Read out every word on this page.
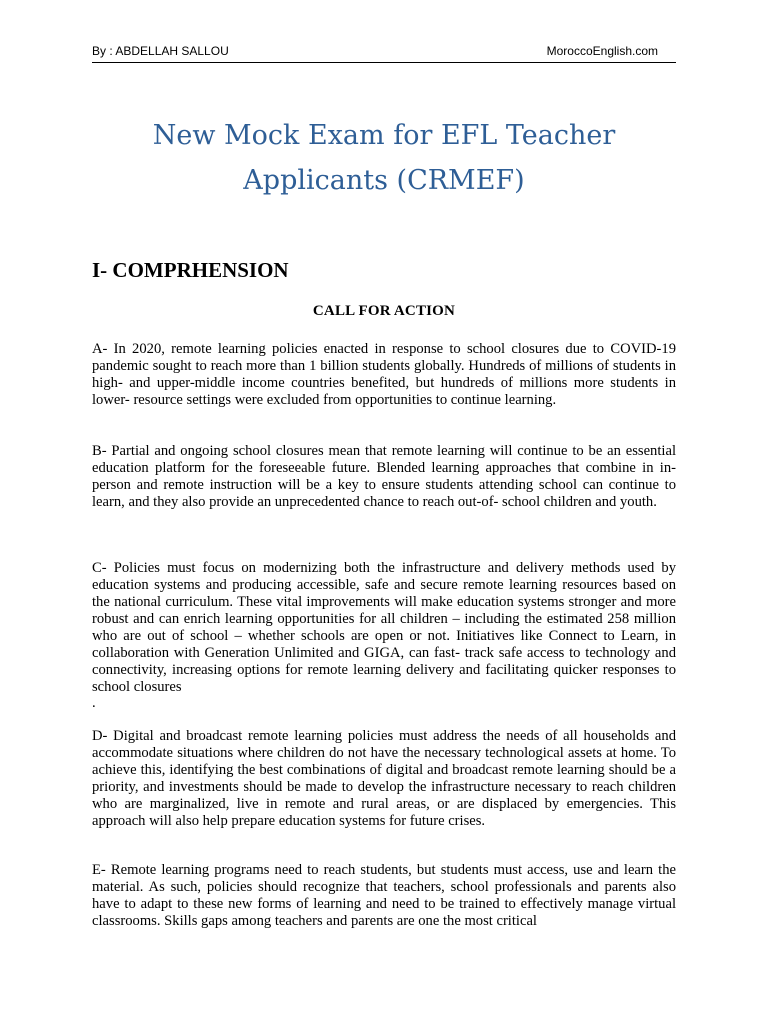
By : ABDELLAH SALLOU	MoroccoEnglish.com
New Mock Exam for EFL Teacher
Applicants (CRMEF)
I- COMPRHENSION
CALL FOR ACTION

A- In 2020, remote learning policies enacted in response to school closures due to COVID-19 pandemic sought to reach more than 1 billion students globally. Hundreds of millions of students in high- and upper-middle income countries benefited, but hundreds of millions more students in lower- resource settings were excluded from opportunities to continue learning.

B- Partial and ongoing school closures mean that remote learning will continue to be an essential education platform for the foreseeable future. Blended learning approaches that combine in in-person and remote instruction will be a key to ensure students attending school can continue to learn, and they also provide an unprecedented chance to reach out-of- school children and youth.

C- Policies must focus on modernizing both the infrastructure and delivery methods used by education systems and producing accessible, safe and secure remote learning resources based on the national curriculum. These vital improvements will make education systems stronger and more robust and can enrich learning opportunities for all children – including the estimated 258 million who are out of school – whether schools are open or not. Initiatives like Connect to Learn, in collaboration with Generation Unlimited and GIGA, can fast- track safe access to technology and connectivity, increasing options for remote learning delivery and facilitating quicker responses to school closures

.

D- Digital and broadcast remote learning policies must address the needs of all households and accommodate situations where children do not have the necessary technological assets at home. To achieve this, identifying the best combinations of digital and broadcast remote learning should be a priority, and investments should be made to develop the infrastructure necessary to reach children who are marginalized, live in remote and rural areas, or are displaced by emergencies. This approach will also help prepare education systems for future crises.

E- Remote learning programs need to reach students, but students must access, use and learn the material. As such, policies should recognize that teachers, school professionals and parents also have to adapt to these new forms of learning and need to be trained to effectively manage virtual classrooms. Skills gaps among teachers and parents are one the most critical
